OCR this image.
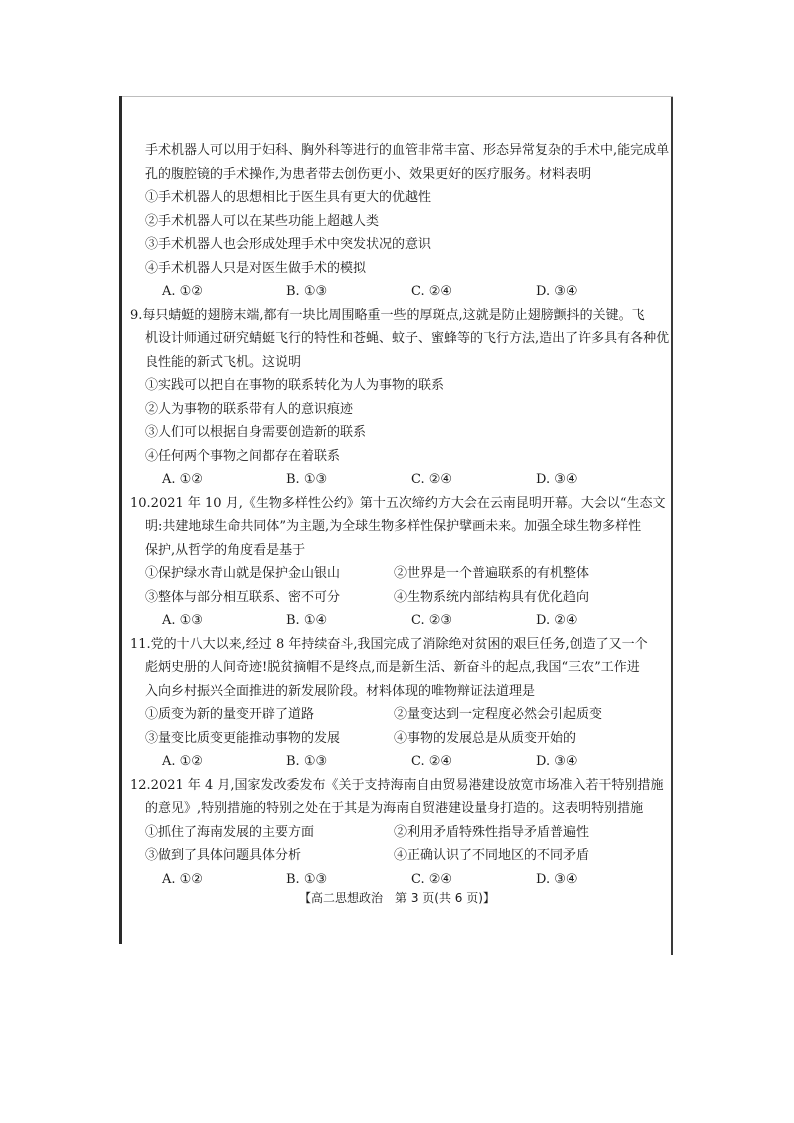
手术机器人可以用于妇科、胸外科等进行的血管非常丰富、形态异常复杂的手术中,能完成单
孔的腹腔镜的手术操作,为患者带去创伤更小、效果更好的医疗服务。材料表明
①手术机器人的思想相比于医生具有更大的优越性
②手术机器人可以在某些功能上超越人类
③手术机器人也会形成处理手术中突发状况的意识
④手术机器人只是对医生做手术的模拟
A. ①②	B. ①③	C. ②④	D. ③④
9.每只蜻蜓的翅膀末端,都有一块比周围略重一些的厚斑点,这就是防止翅膀颤抖的关键。飞
机设计师通过研究蜻蜓飞行的特性和苍蝇、蚊子、蜜蜂等的飞行方法,造出了许多具有各种优
良性能的新式飞机。这说明
①实践可以把自在事物的联系转化为人为事物的联系
②人为事物的联系带有人的意识痕迹
③人们可以根据自身需要创造新的联系
④任何两个事物之间都存在着联系
A. ①②	B. ①③	C. ②④	D. ③④
10.2021 年 10 月,《生物多样性公约》第十五次缔约方大会在云南昆明开幕。大会以“生态文
明:共建地球生命共同体”为主题,为全球生物多样性保护擘画未来。加强全球生物多样性
保护,从哲学的角度看是基于
①保护绿水青山就是保护金山银山	②世界是一个普遍联系的有机整体
③整体与部分相互联系、密不可分	④生物系统内部结构具有优化趋向
A. ①③	B. ①④	C. ②③	D. ②④
11.党的十八大以来,经过 8 年持续奋斗,我国完成了消除绝对贫困的艰巨任务,创造了又一个
彪炳史册的人间奇迹!脱贫摘帽不是终点,而是新生活、新奋斗的起点,我国“三农”工作进
入向乡村振兴全面推进的新发展阶段。材料体现的唯物辩证法道理是
①质变为新的量变开辟了道路	②量变达到一定程度必然会引起质变
③量变比质变更能推动事物的发展	④事物的发展总是从质变开始的
A. ①②	B. ①③	C. ②④	D. ③④
12.2021 年 4 月,国家发改委发布《关于支持海南自由贸易港建设放宽市场准入若干特别措施
的意见》,特别措施的特别之处在于其是为海南自贸港建设量身打造的。这表明特别措施
①抓住了海南发展的主要方面	②利用矛盾特殊性指导矛盾普遍性
③做到了具体问题具体分析	④正确认识了不同地区的不同矛盾
A. ①②	B. ①③	C. ②④	D. ③④
【高二思想政治　第 3 页(共 6 页)】
